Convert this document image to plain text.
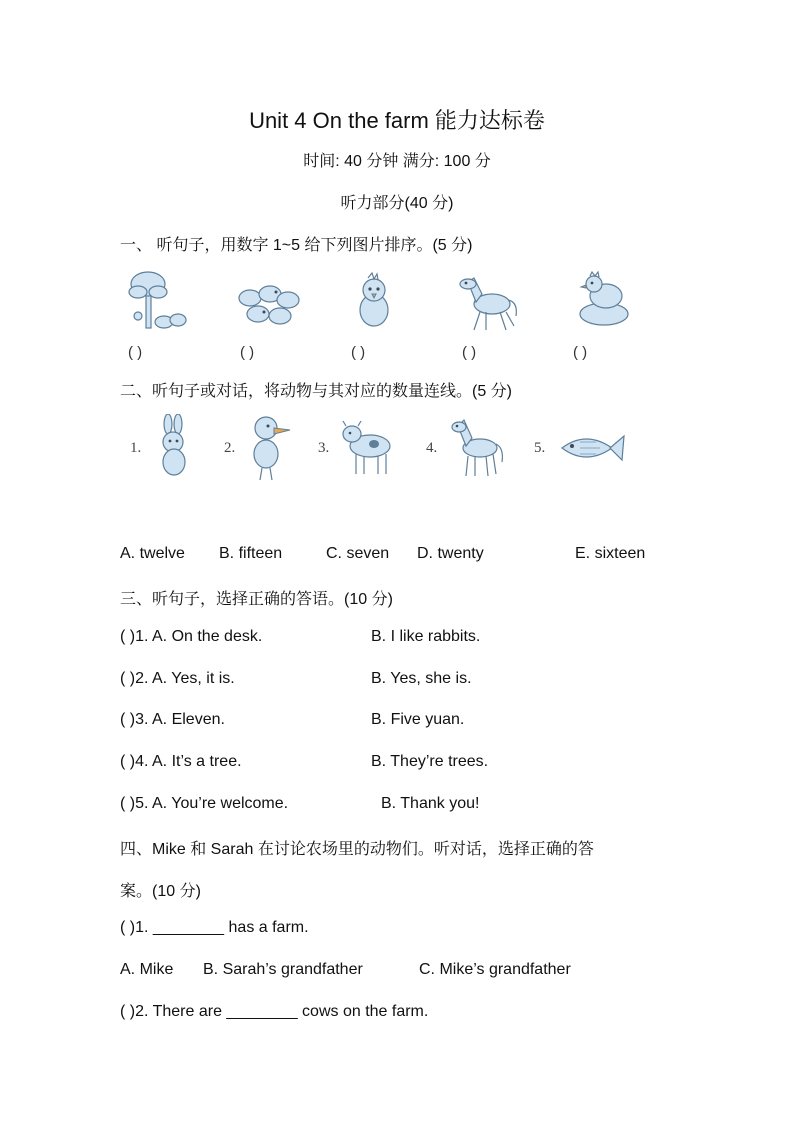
Unit 4 On the farm 能力达标卷
时间: 40 分钟 满分: 100 分
听力部分(40 分)
一、 听句子，用数字 1~5 给下列图片排序。(5 分)
( )	( )	( )	( )	( )
二、听句子或对话，将动物与其对应的数量连线。(5 分)
1.	2.	3.	4.	5.
A. twelve B. fifteen	C. seven D. twenty	E. sixteen
三、听句子，选择正确的答语。(10 分)
( )1. A. On the desk.	B. I like rabbits.
( )2. A. Yes, it is.	B. Yes, she is.
( )3. A. Eleven.	B. Five yuan.
( )4. A. It’s a tree.	B. They’re trees.
( )5. A. You’re welcome.	B. Thank you!
四、Mike 和 Sarah 在讨论农场里的动物们。听对话，选择正确的答
案。(10 分)
( )1. ________ has a farm.
A. Mike B. Sarah’s grandfather	C. Mike’s grandfather
( )2. There are ________ cows on the farm.
